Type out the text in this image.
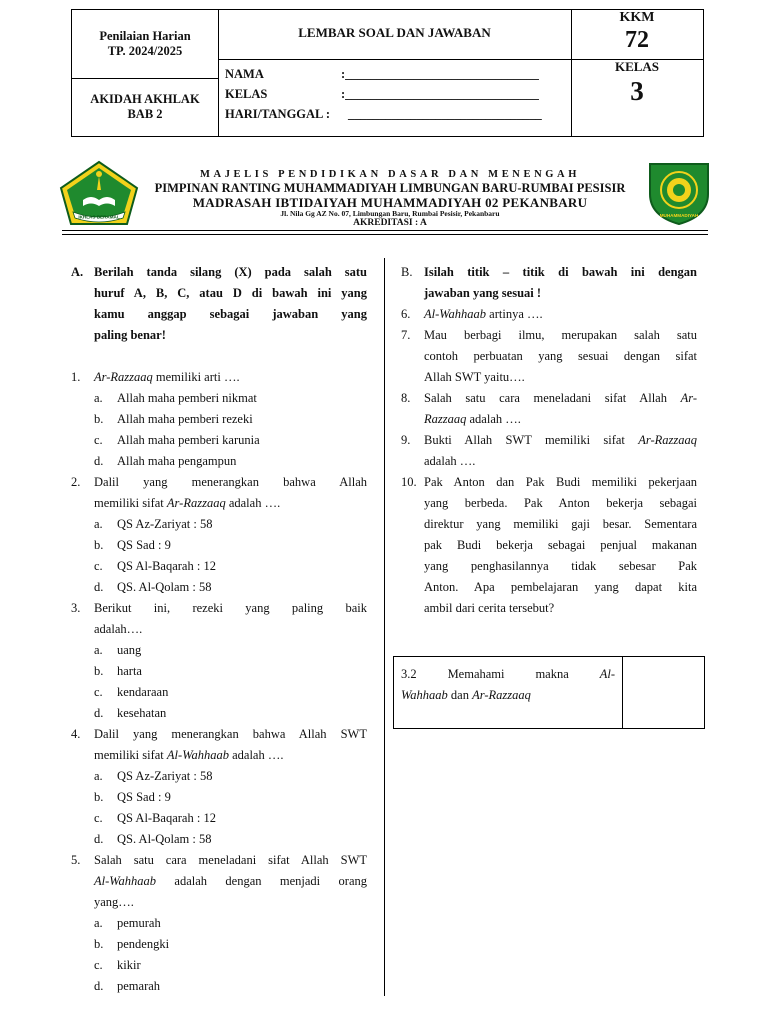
Penilaian Harian
TP. 2024/2025
AKIDAH AKHLAK
BAB 2
LEMBAR SOAL DAN JAWABAN
NAMA	:_______________________________
KELAS	:_______________________________
HARI/TANGGAL : _______________________________
KKM
72
KELAS
3
IKHLAS BERAMAL	MUHAMMADIYAH
MAJELIS PENDIDIKAN DASAR DAN MENENGAH
PIMPINAN RANTING MUHAMMADIYAH LIMBUNGAN BARU-RUMBAI PESISIR
MADRASAH IBTIDAIYAH MUHAMMADIYAH 02 PEKANBARU
Jl. Nila Gg AZ No. 07, Limbungan Baru, Rumbai Pesisir, Pekanbaru
AKREDITASI : A
A. Berilah tanda silang (X) pada salah satu
huruf A, B, C, atau D di bawah ini yang
kamu anggap sebagai jawaban yang
paling benar!
1. Ar-Razzaaq memiliki arti ….
a. Allah maha pemberi nikmat
b. Allah maha pemberi rezeki
c. Allah maha pemberi karunia
d. Allah maha pengampun
2. Dalil yang menerangkan bahwa Allah
memiliki sifat Ar-Razzaaq adalah ….
a. QS Az-Zariyat : 58
b. QS Sad : 9
c. QS Al-Baqarah : 12
d. QS. Al-Qolam : 58
3. Berikut ini, rezeki yang paling baik
adalah….
a. uang
b. harta
c. kendaraan
d. kesehatan
4. Dalil yang menerangkan bahwa Allah SWT
memiliki sifat Al-Wahhaab adalah ….
a. QS Az-Zariyat : 58
b. QS Sad : 9
c. QS Al-Baqarah : 12
d. QS. Al-Qolam : 58
5. Salah satu cara meneladani sifat Allah SWT
Al-Wahhaab adalah dengan menjadi orang
yang….
a. pemurah
b. pendengki
c. kikir
d. pemarah
B. Isilah titik – titik di bawah ini dengan
jawaban yang sesuai !
6. Al-Wahhaab artinya ….
7. Mau berbagi ilmu, merupakan salah satu
contoh perbuatan yang sesuai dengan sifat
Allah SWT yaitu….
8. Salah satu cara meneladani sifat Allah Ar-
Razzaaq adalah ….
9. Bukti Allah SWT memiliki sifat Ar-Razzaaq
adalah ….
10. Pak Anton dan Pak Budi memiliki pekerjaan
yang berbeda. Pak Anton bekerja sebagai
direktur yang memiliki gaji besar. Sementara
pak Budi bekerja sebagai penjual makanan
yang penghasilannya tidak sebesar Pak
Anton. Apa pembelajaran yang dapat kita
ambil dari cerita tersebut?
3.2 Memahami makna Al-
Wahhaab dan Ar-Razzaaq
